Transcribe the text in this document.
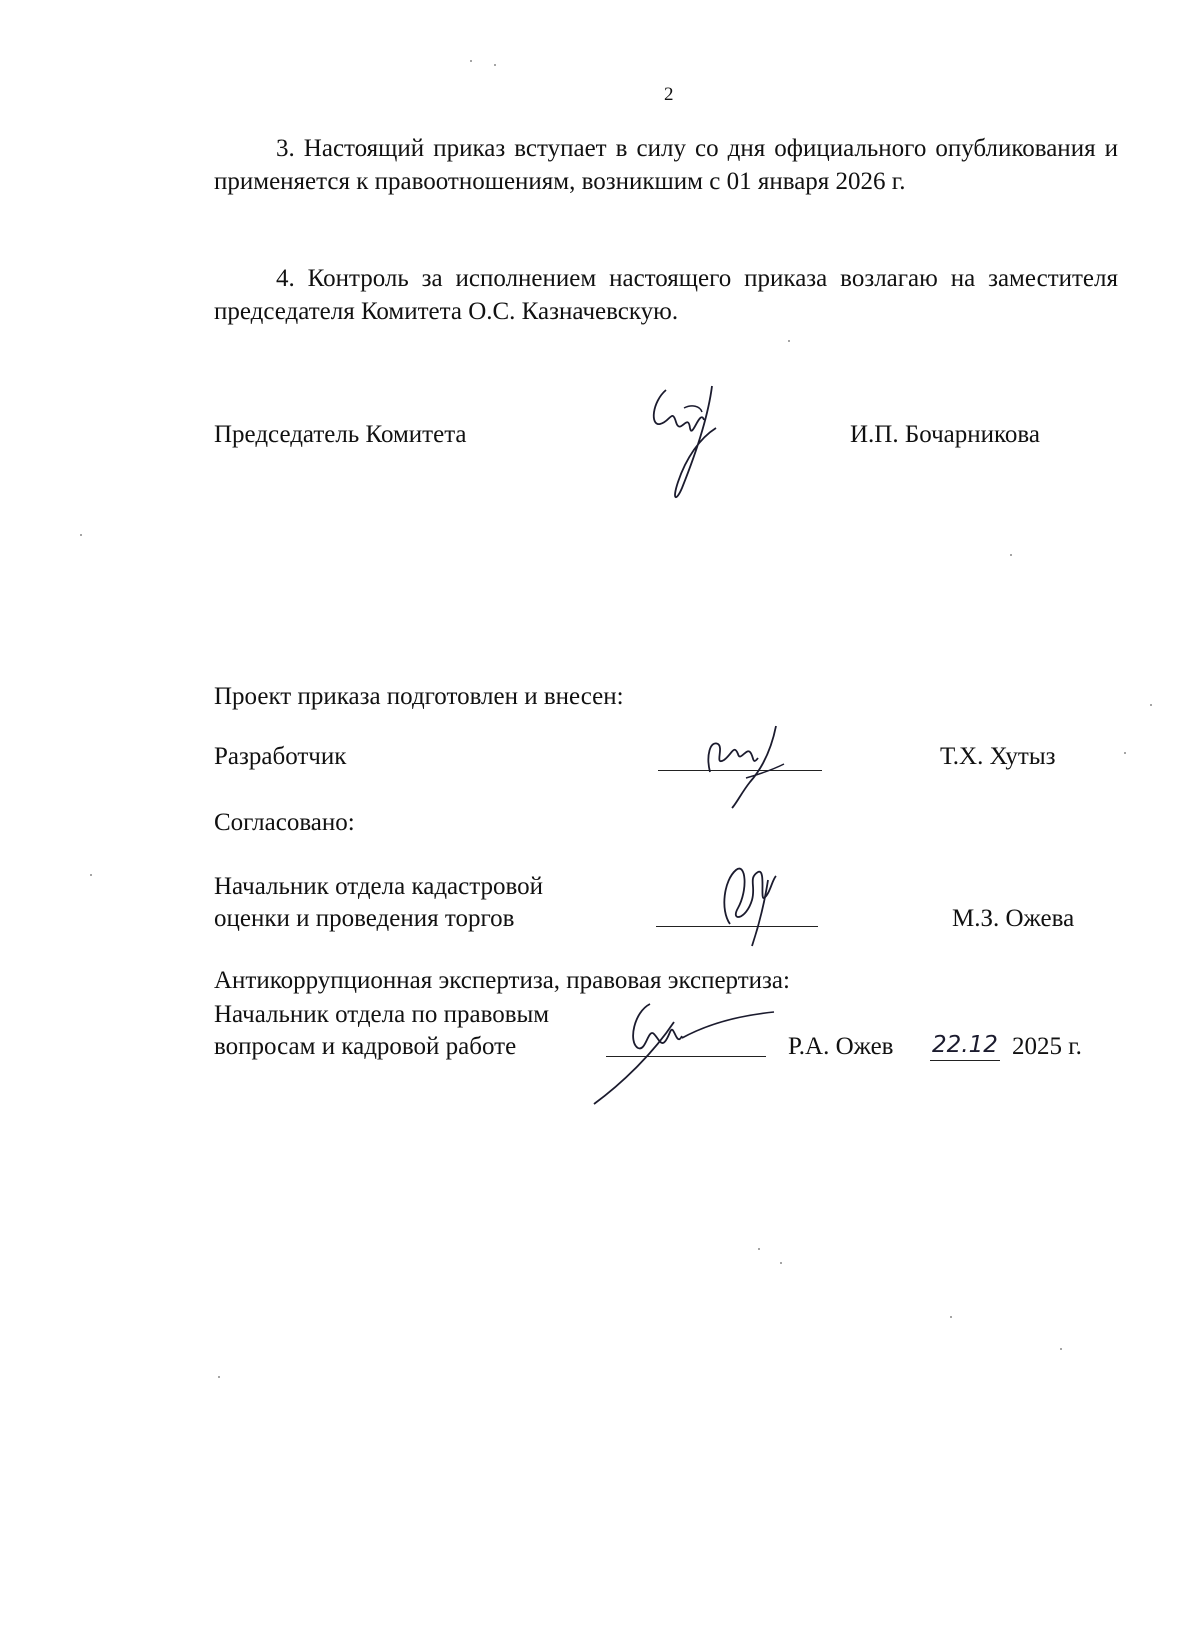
2
3. Настоящий приказ вступает в силу со дня официального опубликования и применяется к правоотношениям, возникшим с 01 января 2026 г.
4. Контроль за исполнением настоящего приказа возлагаю на заместителя председателя Комитета О.С. Казначевскую.
Председатель Комитета	И.П. Бочарникова
Проект приказа подготовлен и внесен:
Разработчик	Т.Х. Хутыз
Согласовано:
Начальник отдела кадастровой
оценки и проведения торгов	М.З. Ожева
Антикоррупционная экспертиза, правовая экспертиза:
Начальник отдела по правовым
вопросам и кадровой работе	Р.А. Ожев 22.12 2025 г.
